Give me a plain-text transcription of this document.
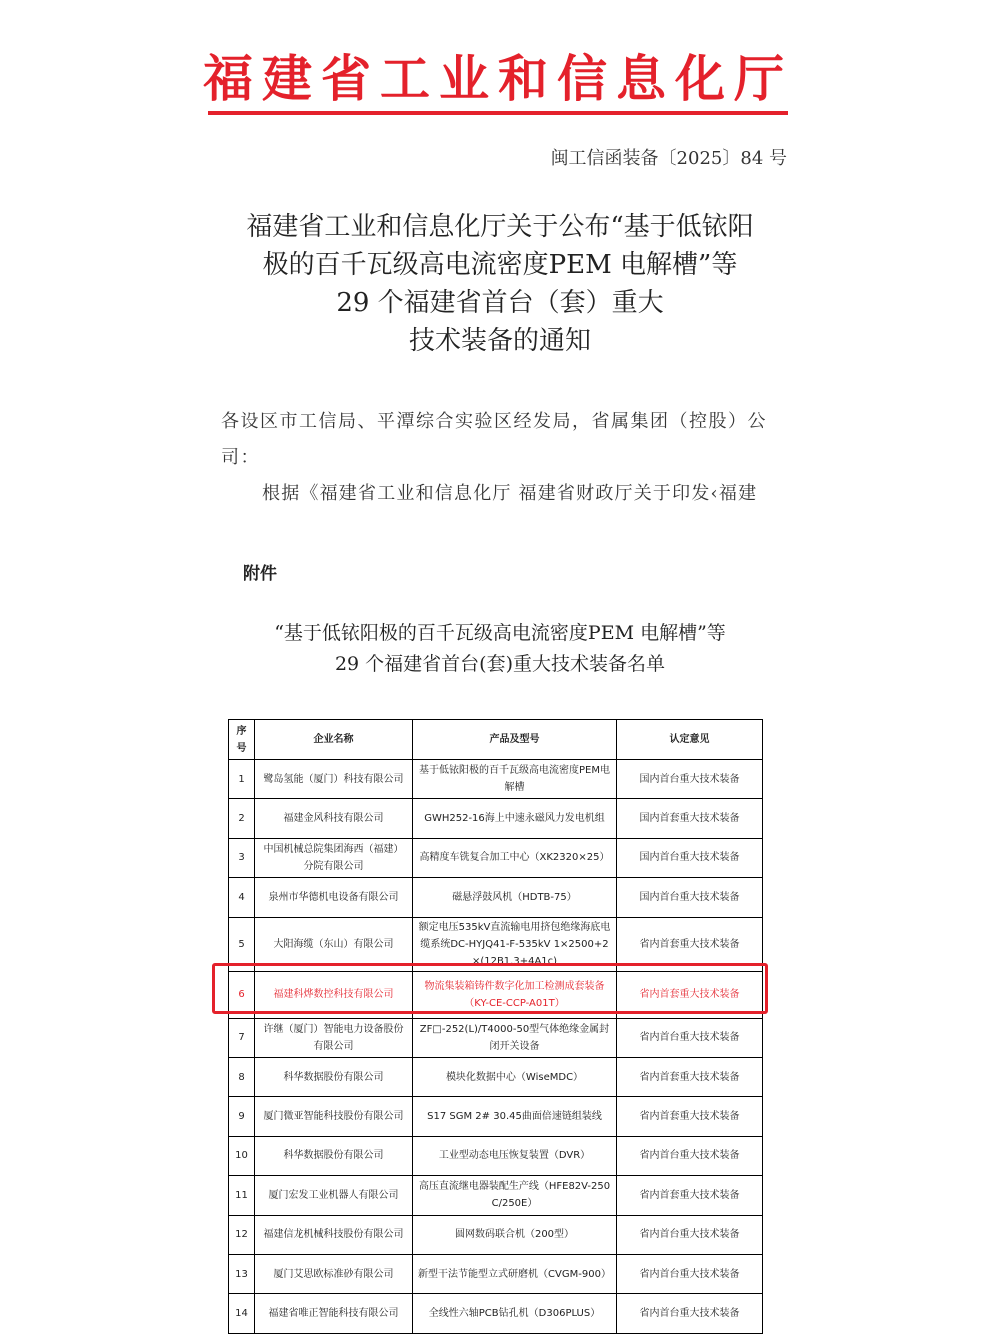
福建省工业和信息化厅
闽工信函装备〔2025〕84 号
福建省工业和信息化厅关于公布“基于低铱阳
极的百千瓦级高电流密度PEM 电解槽”等
29 个福建省首台（套）重大
技术装备的通知
各设区市工信局、平潭综合实验区经发局，省属集团（控股）公司：
根据《福建省工业和信息化厅 福建省财政厅关于印发‹福建
附件
“基于低铱阳极的百千瓦级高电流密度PEM 电解槽”等
29 个福建省首台(套)重大技术装备名单
序号	企业名称	产品及型号	认定意见
1	鹭岛氢能（厦门）科技有限公司	基于低铱阳极的百千瓦级高电流密度PEM电解槽	国内首台重大技术装备
2	福建金风科技有限公司	GWH252-16海上中速永磁风力发电机组	国内首套重大技术装备
3	中国机械总院集团海西（福建）分院有限公司	高精度车铣复合加工中心（XK2320×25）	国内首台重大技术装备
4	泉州市华德机电设备有限公司	磁悬浮鼓风机（HDTB-75）	国内首台重大技术装备
5	大阳海缆（东山）有限公司	额定电压535kV直流输电用挤包绝缘海底电缆系统DC-HYJQ41-F-535kV 1×2500+2×(12B1.3+4A1c)	省内首套重大技术装备
6	福建科烨数控科技有限公司	物流集装箱铸件数字化加工检测成套装备（KY-CE-CCP-A01T）	省内首套重大技术装备
7	许继（厦门）智能电力设备股份有限公司	ZF□-252(L)/T4000-50型气体绝缘金属封闭开关设备	省内首台重大技术装备
8	科华数据股份有限公司	模块化数据中心（WiseMDC）	省内首套重大技术装备
9	厦门微亚智能科技股份有限公司	S17 SGM 2# 30.45曲面倍速链组装线	省内首套重大技术装备
10	科华数据股份有限公司	工业型动态电压恢复装置（DVR）	省内首台重大技术装备
11	厦门宏发工业机器人有限公司	高压直流继电器装配生产线（HFE82V-250C/250E）	省内首套重大技术装备
12	福建信龙机械科技股份有限公司	圆网数码联合机（200型）	省内首台重大技术装备
13	厦门艾思欧标准砂有限公司	新型干法节能型立式研磨机（CVGM-900）	省内首台重大技术装备
14	福建省唯正智能科技有限公司	全线性六轴PCB钻孔机（D306PLUS）	省内首台重大技术装备
